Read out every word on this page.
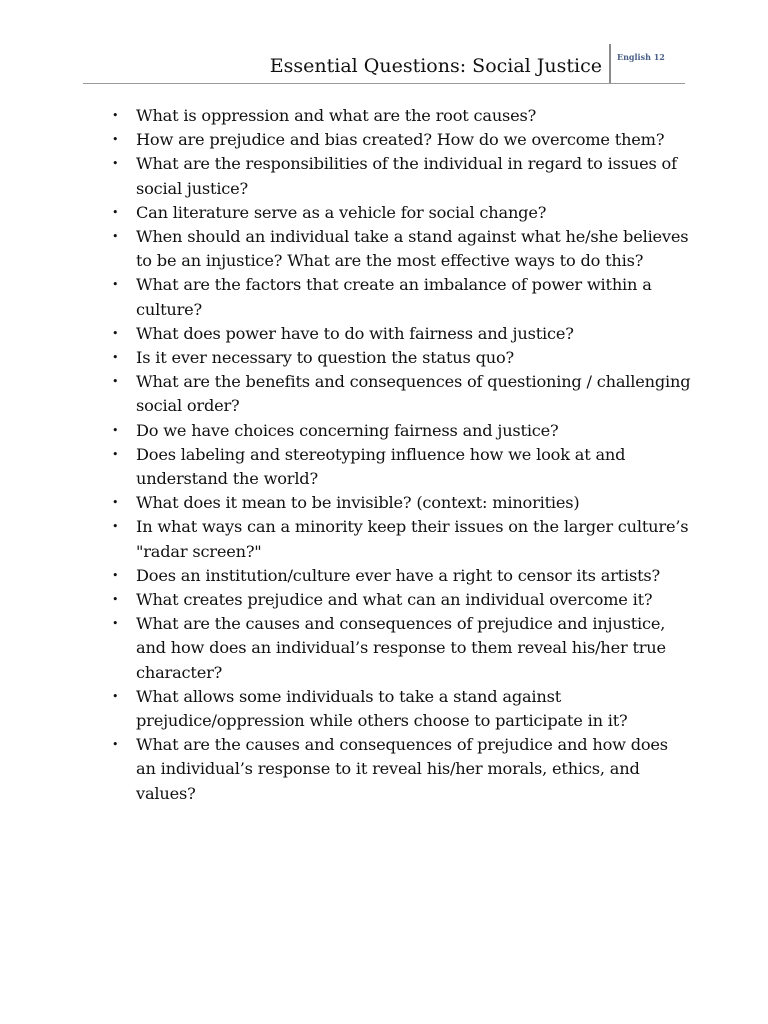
Essential Questions: Social Justice English 12
•	What is oppression and what are the root causes?
•	How are prejudice and bias created? How do we overcome them?
•	What are the responsibilities of the individual in regard to issues of social justice?
•	Can literature serve as a vehicle for social change?
•	When should an individual take a stand against what he/she believes to be an injustice? What are the most effective ways to do this?
•	What are the factors that create an imbalance of power within a culture?
•	What does power have to do with fairness and justice?
•	Is it ever necessary to question the status quo?
•	What are the benefits and consequences of questioning / challenging social order?
•	Do we have choices concerning fairness and justice?
•	Does labeling and stereotyping influence how we look at and understand the world?
•	What does it mean to be invisible? (context: minorities)
•	In what ways can a minority keep their issues on the larger culture’s "radar screen?"
•	Does an institution/culture ever have a right to censor its artists?
•	What creates prejudice and what can an individual overcome it?
•	What are the causes and consequences of prejudice and injustice, and how does an individual’s response to them reveal his/her true character?
•	What allows some individuals to take a stand against prejudice/oppression while others choose to participate in it?
•	What are the causes and consequences of prejudice and how does an individual’s response to it reveal his/her morals, ethics, and values?
